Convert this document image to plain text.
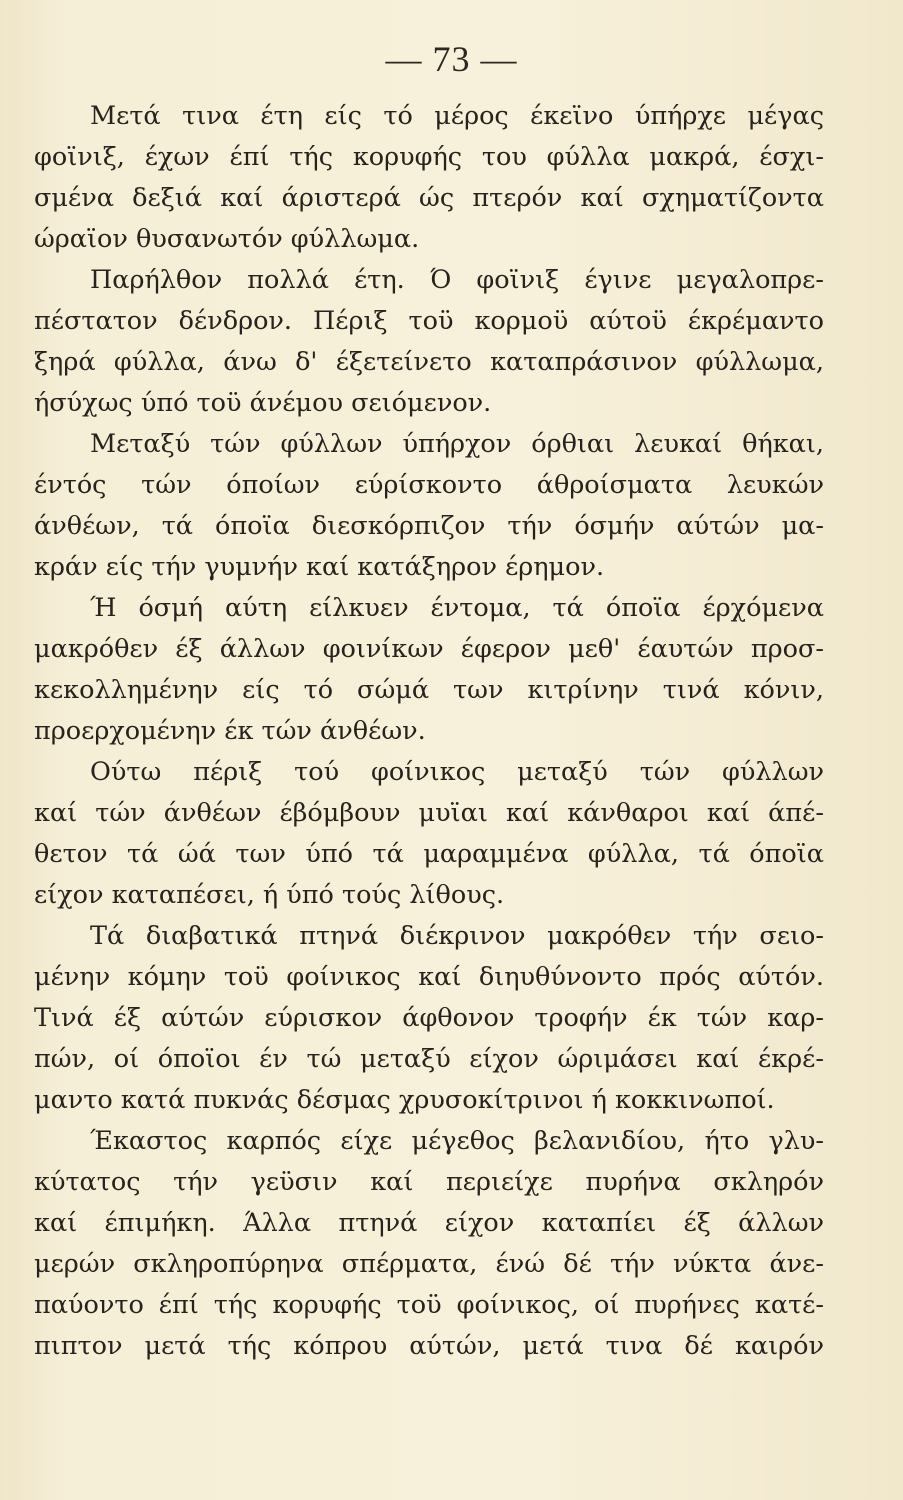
— 73 —
Μετά τινα έτη είς τό μέρος έκεϊνο ύπήρχε μέγας
φοϊνιξ, έχων έπί τής κορυφής του φύλλα μακρά, έσχι-
σμένα δεξιά καί άριστερά ώς πτερόν καί σχηματίζοντα
ώραϊον θυσανωτόν φύλλωμα.
Παρήλθον πολλά έτη. Ό φοϊνιξ έγινε μεγαλοπρε-
πέστατον δένδρον. Πέριξ τοϋ κορμοϋ αύτοϋ έκρέμαντο
ξηρά φύλλα, άνω δ' έξετείνετο καταπράσινον φύλλωμα,
ήσύχως ύπό τοϋ άνέμου σειόμενον.
Μεταξύ τών φύλλων ύπήρχον όρθιαι λευκαί θήκαι,
έντός τών όποίων εύρίσκοντο άθροίσματα λευκών
άνθέων, τά όποϊα διεσκόρπιζον τήν όσμήν αύτών μα-
κράν είς τήν γυμνήν καί κατάξηρον έρημον.
Ή όσμή αύτη είλκυεν έντομα, τά όποϊα έρχόμενα
μακρόθεν έξ άλλων φοινίκων έφερον μεθ' έαυτών προσ-
κεκολλημένην είς τό σώμά των κιτρίνην τινά κόνιν,
προερχομένην έκ τών άνθέων.
Ούτω πέριξ τού φοίνικος μεταξύ τών φύλλων
καί τών άνθέων έβόμβουν μυϊαι καί κάνθαροι καί άπέ-
θετον τά ώά των ύπό τά μαραμμένα φύλλα, τά όποϊα
είχον καταπέσει, ή ύπό τούς λίθους.
Τά διαβατικά πτηνά διέκρινον μακρόθεν τήν σειο-
μένην κόμην τοϋ φοίνικος καί διηυθύνοντο πρός αύτόν.
Τινά έξ αύτών εύρισκον άφθονον τροφήν έκ τών καρ-
πών, οί όποϊοι έν τώ μεταξύ είχον ώριμάσει καί έκρέ-
μαντο κατά πυκνάς δέσμας χρυσοκίτρινοι ή κοκκινωποί.
Έκαστος καρπός είχε μέγεθος βελανιδίου, ήτο γλυ-
κύτατος τήν γεϋσιν καί περιείχε πυρήνα σκληρόν
καί έπιμήκη. Άλλα πτηνά είχον καταπίει έξ άλλων
μερών σκληροπύρηνα σπέρματα, ένώ δέ τήν νύκτα άνε-
παύοντο έπί τής κορυφής τοϋ φοίνικος, οί πυρήνες κατέ-
πιπτον μετά τής κόπρου αύτών, μετά τινα δέ καιρόν
